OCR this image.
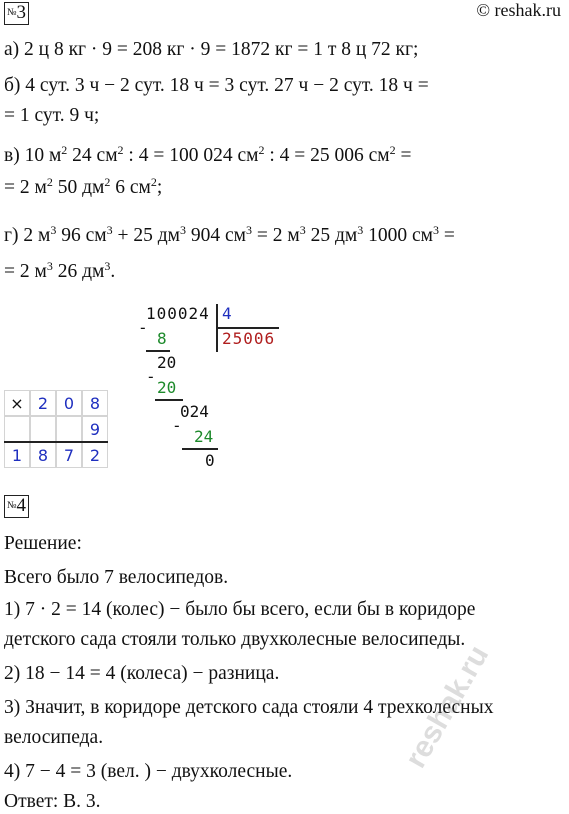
№3	© reshak.ru
а) 2 ц 8 кг · 9 = 208 кг · 9 = 1872 кг = 1 т 8 ц 72 кг;
б) 4 сут. 3 ч − 2 сут. 18 ч = 3 сут. 27 ч − 2 сут. 18 ч =
= 1 сут. 9 ч;
в) 10 $м^2$ 24 $см^2$ : 4 = 100 024 $см^2$ : 4 = 25 006 $см^2$ =
= 2 $м^2$ 50 $дм^2$ 6 $см^2$;
г) 2 $м^3$ 96 $см^3 + 25$ $дм^3$ 904 $см^3 = 2$ $м^3$ 25 $дм^3$ 1000 $см^3$ =
= 2 $м^3$ 26 $дм^3$.
100024 4
25006
-
8
20
-
20
024
-
24
0
× 2 0 8
9
1 8 7 2
№4
Решение:
Всего было 7 велосипедов.
1) 7 · 2 = 14 (колес) − было бы всего, если бы в коридоре
детского сада стояли только двухколесные велосипеды.
2) 18 − 14 = 4 (колеса) − разница.
3) Значит, в коридоре детского сада стояли 4 трехколесных
велосипеда.
4) 7 − 4 = 3 (вел. ) − двухколесные.
Ответ: В. 3.
reshak.ru
